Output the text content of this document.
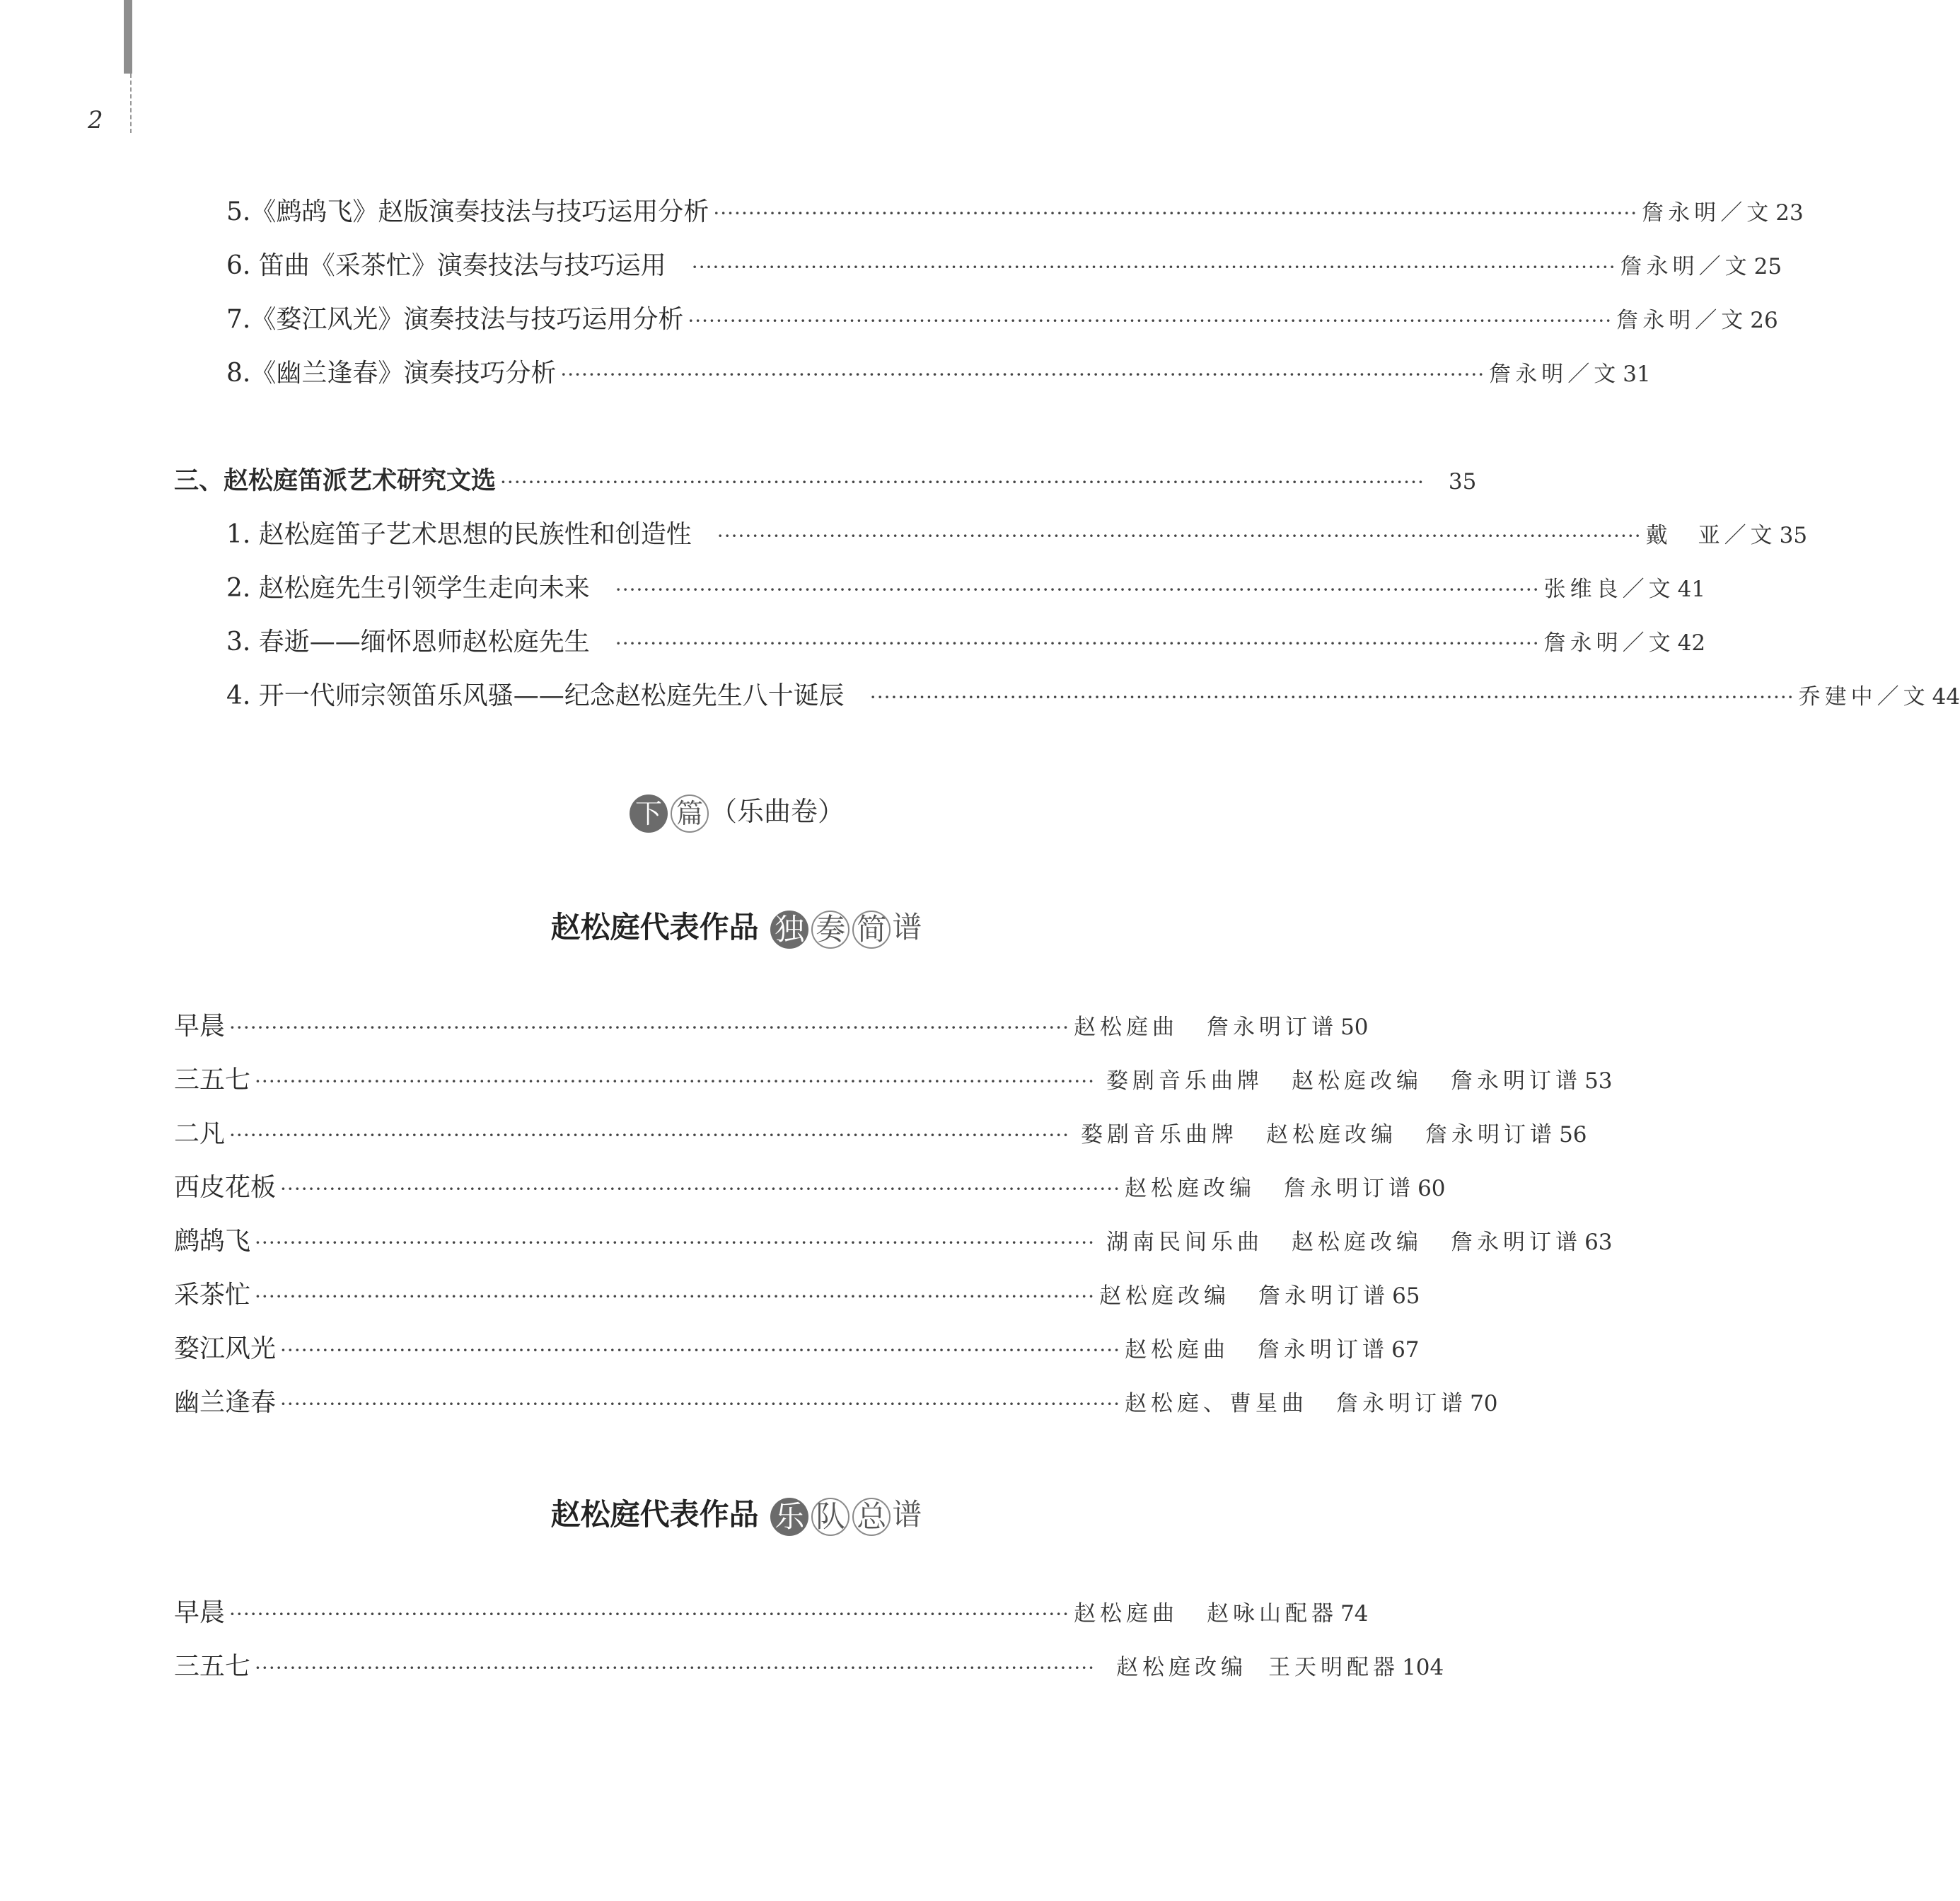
2
5.《鹧鸪飞》赵版演奏技法与技巧运用分析 ···································································································································· 詹永明／文 23
6. 笛曲《采茶忙》演奏技法与技巧运用 ···································································································································· 詹永明／文 25
7.《婺江风光》演奏技法与技巧运用分析 ···································································································································· 詹永明／文 26
8.《幽兰逢春》演奏技巧分析 ···································································································································· 詹永明／文 31
三、赵松庭笛派艺术研究文选 ···································································································································· 35
1. 赵松庭笛子艺术思想的民族性和创造性 ···································································································································· 戴　亚／文 35
2. 赵松庭先生引领学生走向未来 ···································································································································· 张维良／文 41
3. 春逝——缅怀恩师赵松庭先生 ···································································································································· 詹永明／文 42
4. 开一代师宗领笛乐风骚——纪念赵松庭先生八十诞辰 ···································································································································· 乔建中／文 44
下 篇 （乐曲卷）
赵松庭代表作品 独 奏 简 谱
早晨 ························································································································ 赵松庭曲 詹永明订谱 50
三五七 ························································································································ 婺剧音乐曲牌 赵松庭改编 詹永明订谱 53
二凡 ························································································································ 婺剧音乐曲牌 赵松庭改编 詹永明订谱 56
西皮花板 ························································································································ 赵松庭改编 詹永明订谱 60
鹧鸪飞 ························································································································ 湖南民间乐曲 赵松庭改编 詹永明订谱 63
采茶忙 ························································································································ 赵松庭改编 詹永明订谱 65
婺江风光 ························································································································ 赵松庭曲 詹永明订谱 67
幽兰逢春 ························································································································ 赵松庭、曹星曲 詹永明订谱 70
赵松庭代表作品 乐 队 总 谱
早晨 ························································································································ 赵松庭曲 赵咏山配器 74
三五七 ························································································································ 赵松庭改编 王天明配器 104
